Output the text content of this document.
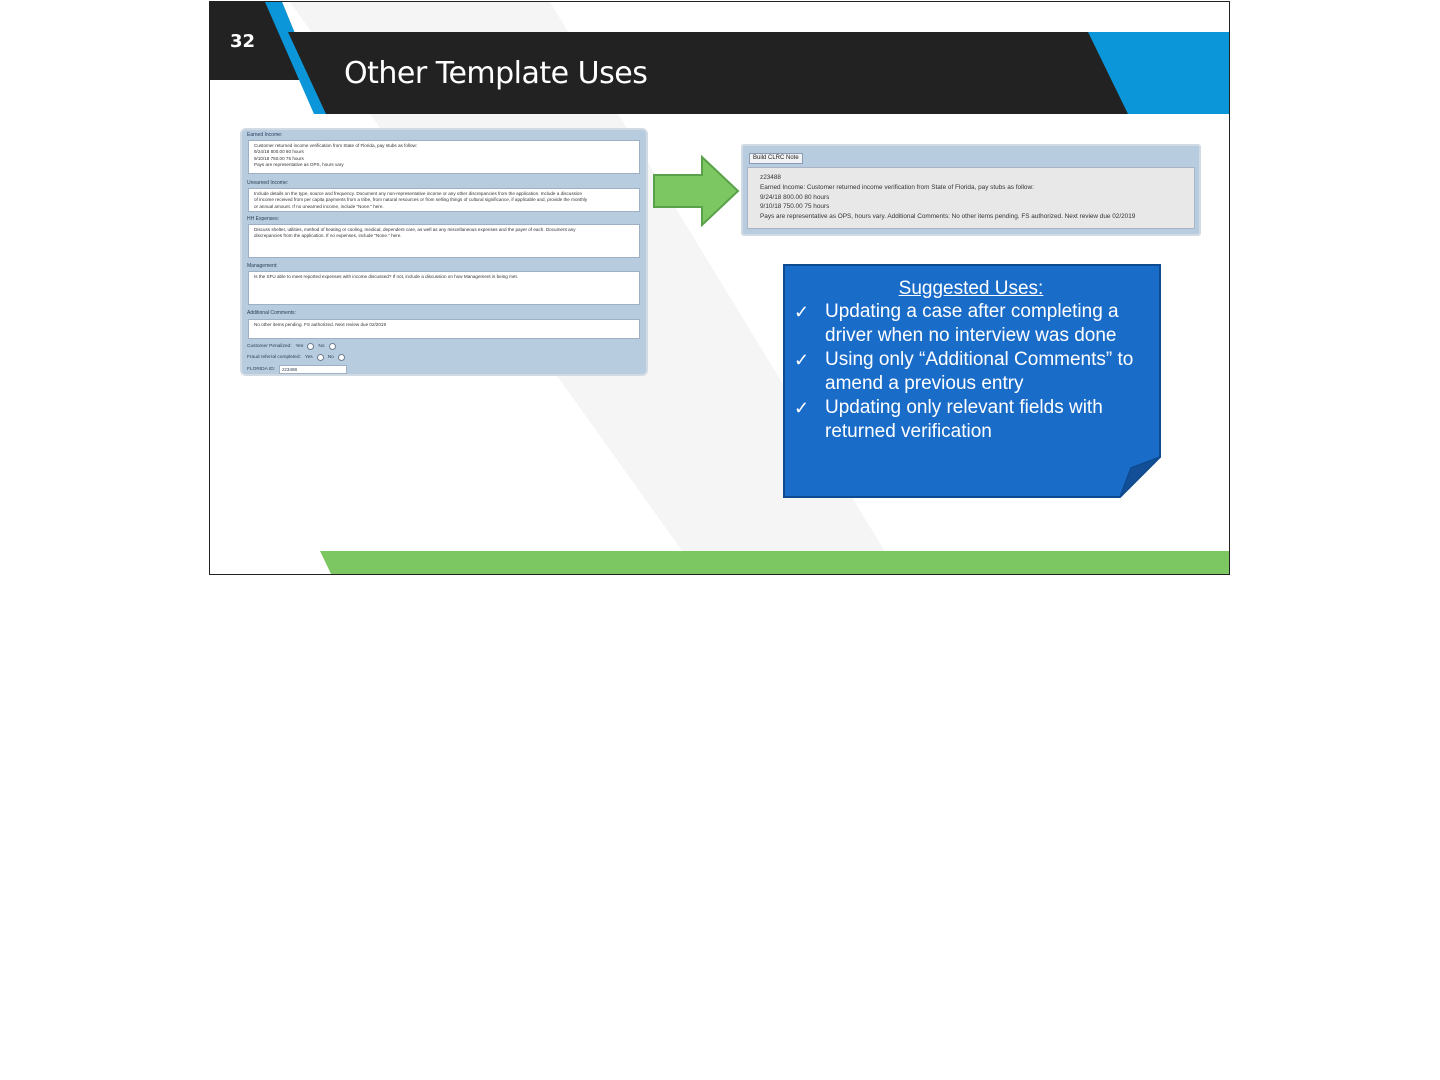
32
Other Template Uses
Earned Income:
Customer returned income verification from State of Florida, pay stubs as follow:
9/24/18 800.00 80 hours
9/10/18 750.00 75 hours
Pays are representative as OPS, hours vary
Unearned Income:
Include details on the type, source and frequency. Document any non-representative income or any other discrepancies from the application. Include a discussion
of income received from per capita payments from a tribe, from natural resources or from selling things of cultural significance, if applicable and, provide the monthly
or annual amount. If no unearned income, include "None." here.
HH Expenses:
Discuss shelter, utilities, method of heating or cooling, medical, dependent care, as well as any miscellaneous expenses and the payer of each. Document any
discrepancies from the application. If no expenses, include "None." here.
Management:
Is the SFU able to meet reported expenses with income discussed? If not, include a discussion on how Management is being met.
Additional Comments:
No other items pending. FS authorized. Next review due 02/2019
Customer Penalized: Yes	No
Fraud referral completed: Yes	No
FLORIDA ID:	z23488
Build CLRC Note
z23488
Earned Income: Customer returned income verification from State of Florida, pay stubs as follow:
9/24/18 800.00 80 hours
9/10/18 750.00 75 hours
Pays are representative as OPS, hours vary. Additional Comments: No other items pending. FS authorized. Next review due 02/2019
Suggested Uses:
✓ Updating a case after completing a driver when no interview was done
✓ Using only “Additional Comments” to amend a previous entry
✓ Updating only relevant fields with returned verification
